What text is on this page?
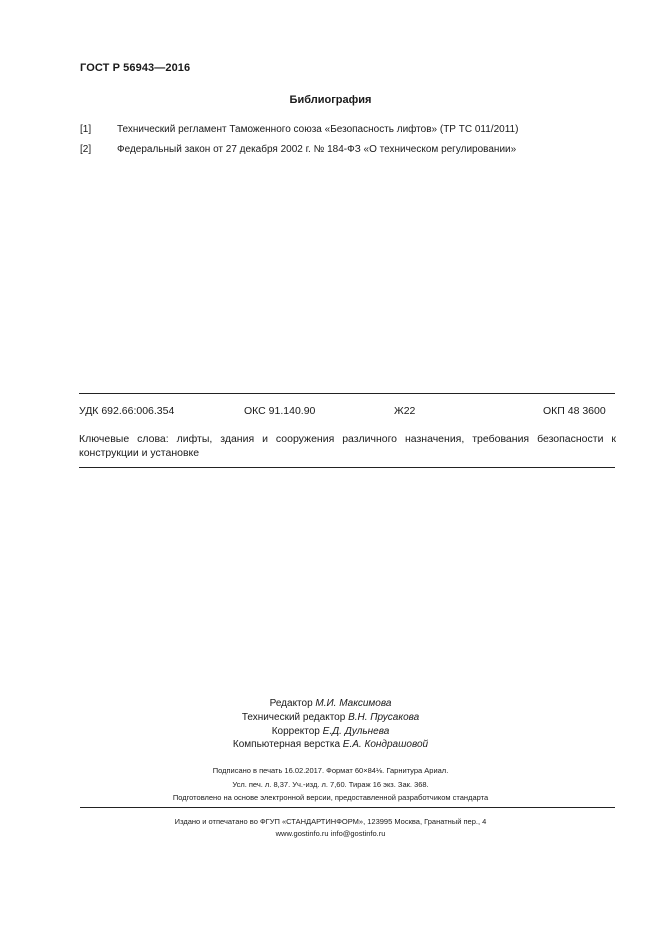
ГОСТ Р 56943—2016
Библиография
[1]	Технический регламент Таможенного союза «Безопасность лифтов» (ТР ТС 011/2011)
[2]	Федеральный закон от 27 декабря 2002 г. № 184-ФЗ «О техническом регулировании»
УДК 692.66:006.354	ОКС 91.140.90	Ж22	ОКП 48 3600
Ключевые слова: лифты, здания и сооружения различного назначения, требования безопасности к конструкции и установке
Редактор М.И. Максимова
Технический редактор В.Н. Прусакова
Корректор Е.Д. Дульнева
Компьютерная верстка Е.А. Кондрашовой
Подписано в печать 16.02.2017. Формат 60×84⅛. Гарнитура Ариал.
Усл. печ. л. 8,37. Уч.-изд. л. 7,60. Тираж 16 экз. Зак. 368.
Подготовлено на основе электронной версии, предоставленной разработчиком стандарта
Издано и отпечатано во ФГУП «СТАНДАРТИНФОРМ», 123995 Москва, Гранатный пер., 4
www.gostinfo.ru info@gostinfo.ru
